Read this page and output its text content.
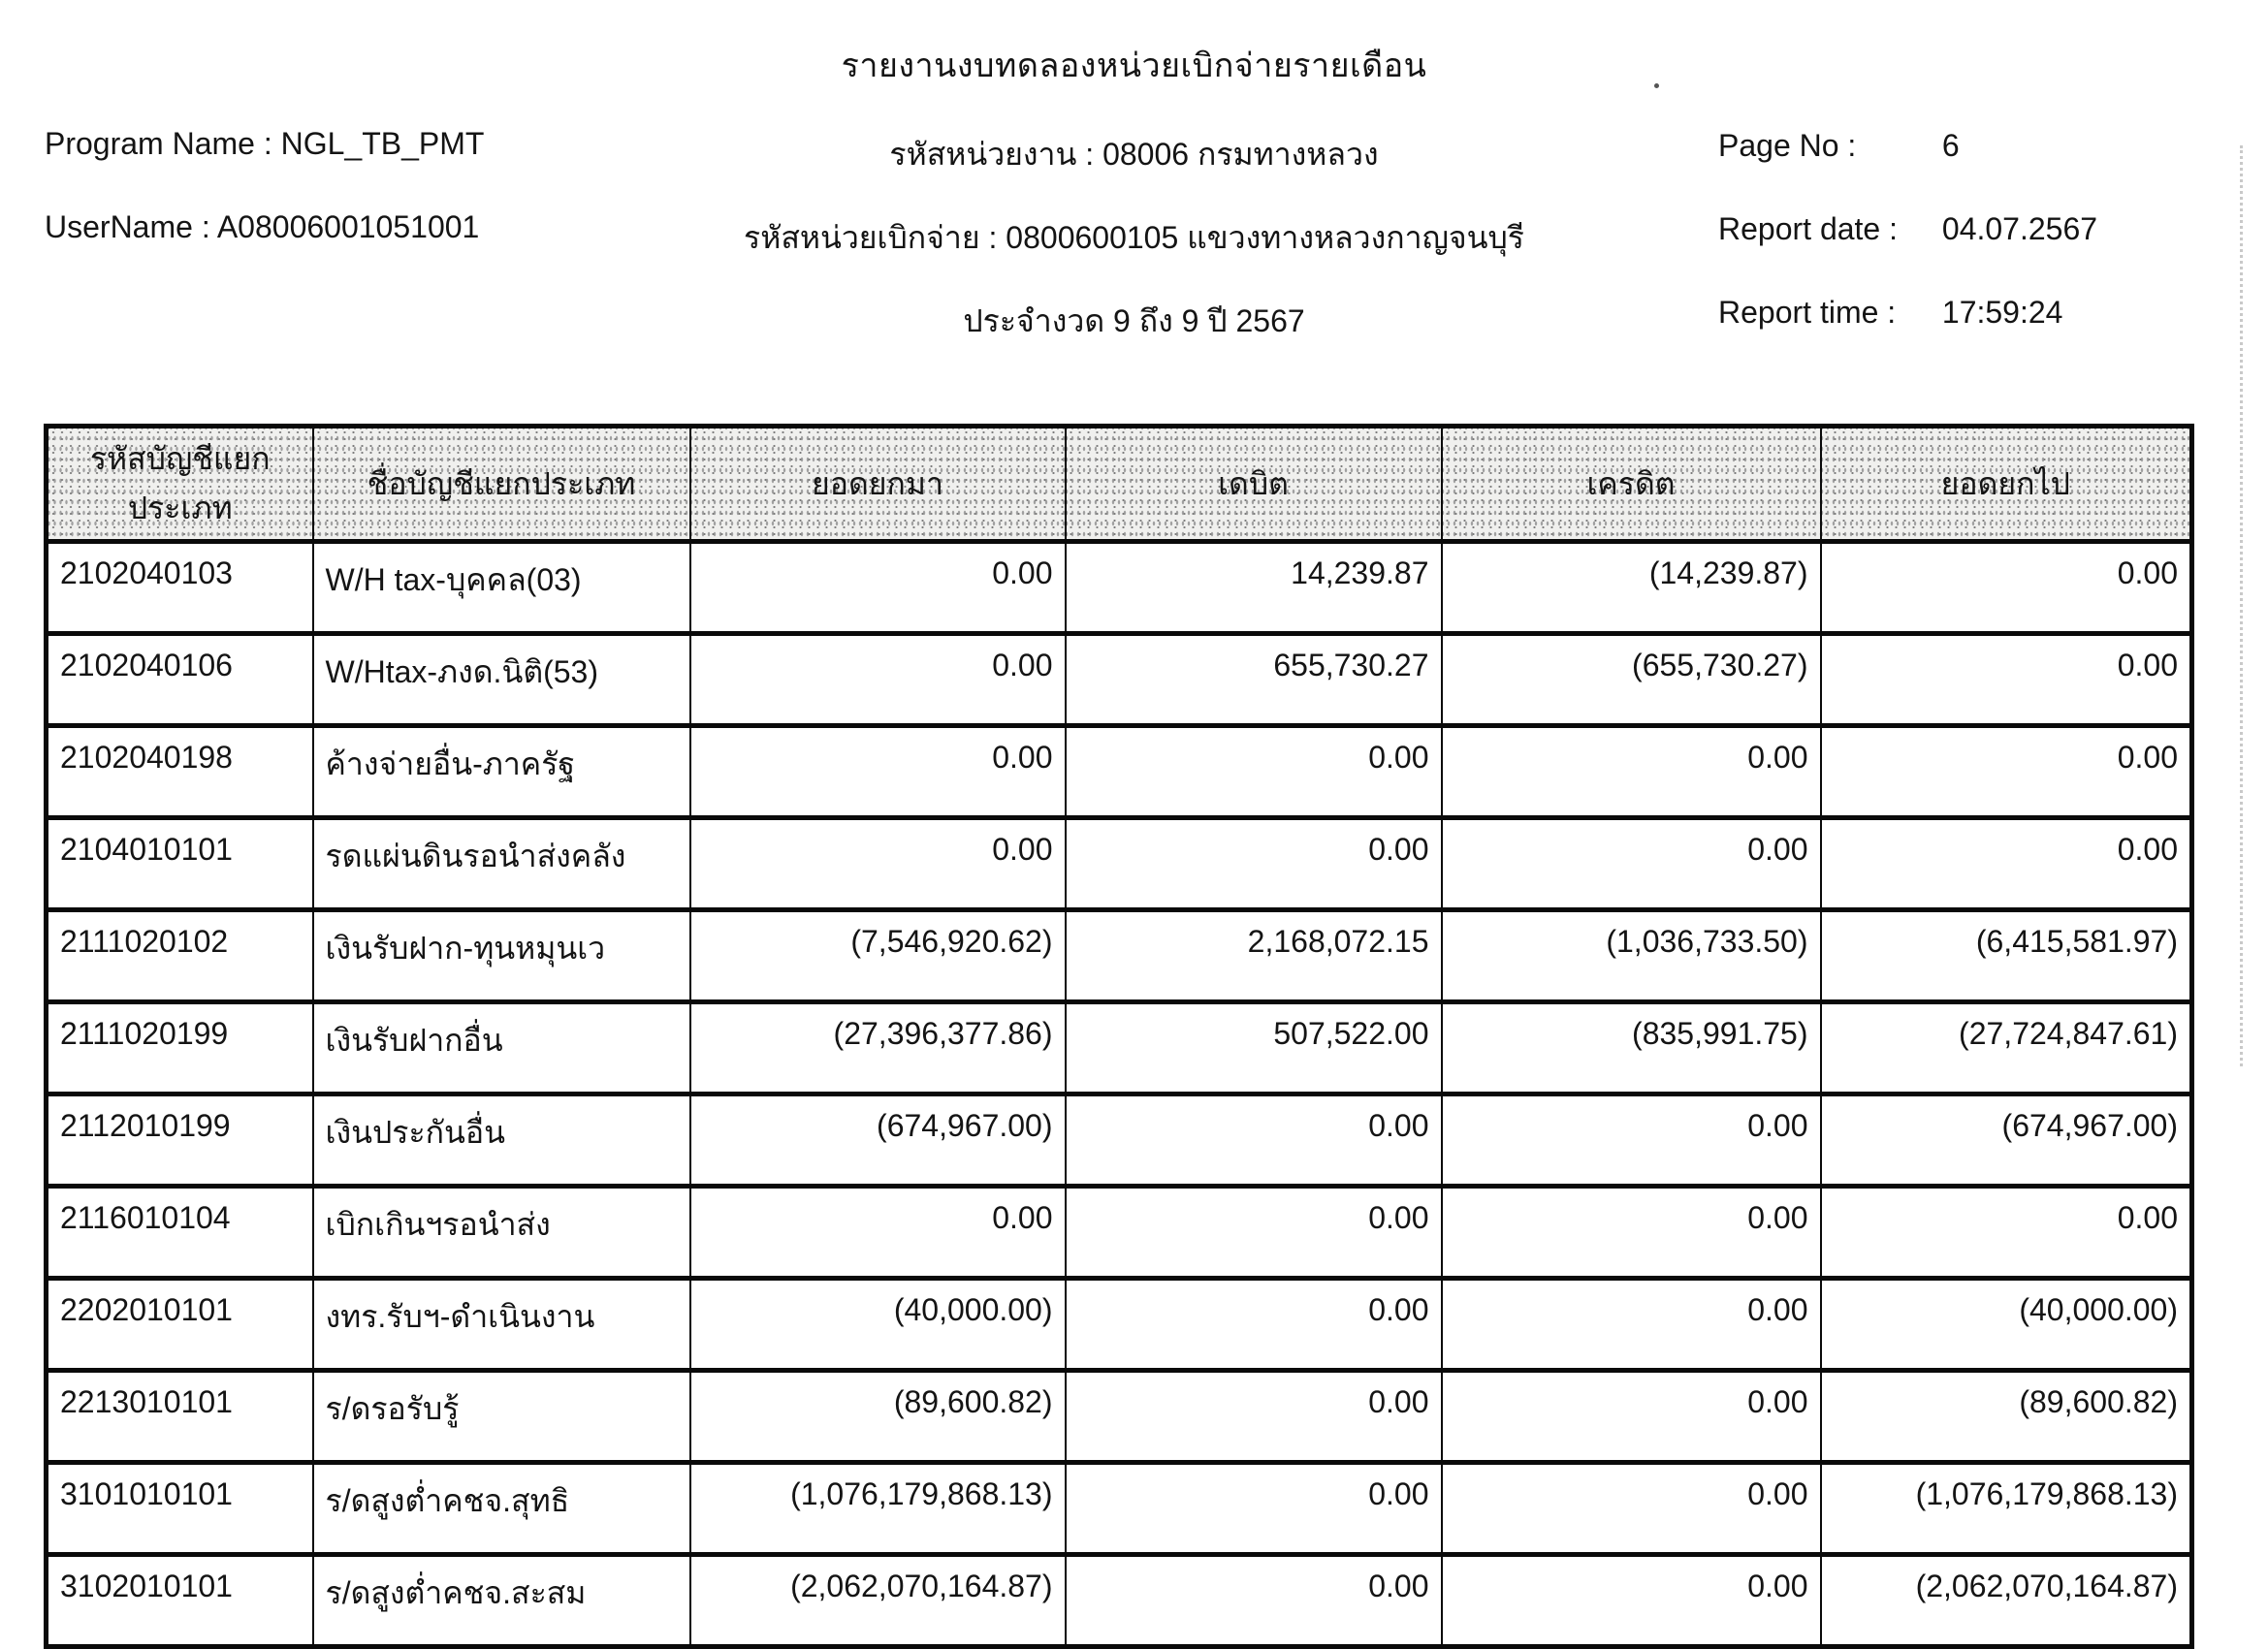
รายงานงบทดลองหน่วยเบิกจ่ายรายเดือน
Program Name : NGL_TB_PMT
UserName : A08006001051001
รหัสหน่วยงาน : 08006 กรมทางหลวง
รหัสหน่วยเบิกจ่าย : 0800600105 แขวงทางหลวงกาญจนบุรี
ประจำงวด 9 ถึง 9 ปี 2567
Page No :	6
Report date : 04.07.2567
Report time : 17:59:24
รหัสบัญชีแยกประเภท	ชื่อบัญชีแยกประเภท	ยอดยกมา	เดบิต	เครดิต	ยอดยกไป
2102040103	W/H tax-บุคคล(03)	0.00	14,239.87	(14,239.87)	0.00
2102040106	W/Htax-ภงด.นิติ(53)	0.00	655,730.27	(655,730.27)	0.00
2102040198	ค้างจ่ายอื่น-ภาครัฐ	0.00	0.00	0.00	0.00
2104010101	รดแผ่นดินรอนำส่งคลัง	0.00	0.00	0.00	0.00
2111020102	เงินรับฝาก-ทุนหมุนเว	(7,546,920.62)	2,168,072.15	(1,036,733.50)	(6,415,581.97)
2111020199	เงินรับฝากอื่น	(27,396,377.86)	507,522.00	(835,991.75)	(27,724,847.61)
2112010199	เงินประกันอื่น	(674,967.00)	0.00	0.00	(674,967.00)
2116010104	เบิกเกินฯรอนำส่ง	0.00	0.00	0.00	0.00
2202010101	งทร.รับฯ-ดำเนินงาน	(40,000.00)	0.00	0.00	(40,000.00)
2213010101	ร/ดรอรับรู้	(89,600.82)	0.00	0.00	(89,600.82)
3101010101	ร/ดสูงต่ำคชจ.สุทธิ	(1,076,179,868.13)	0.00	0.00	(1,076,179,868.13)
3102010101	ร/ดสูงต่ำคชจ.สะสม	(2,062,070,164.87)	0.00	0.00	(2,062,070,164.87)
